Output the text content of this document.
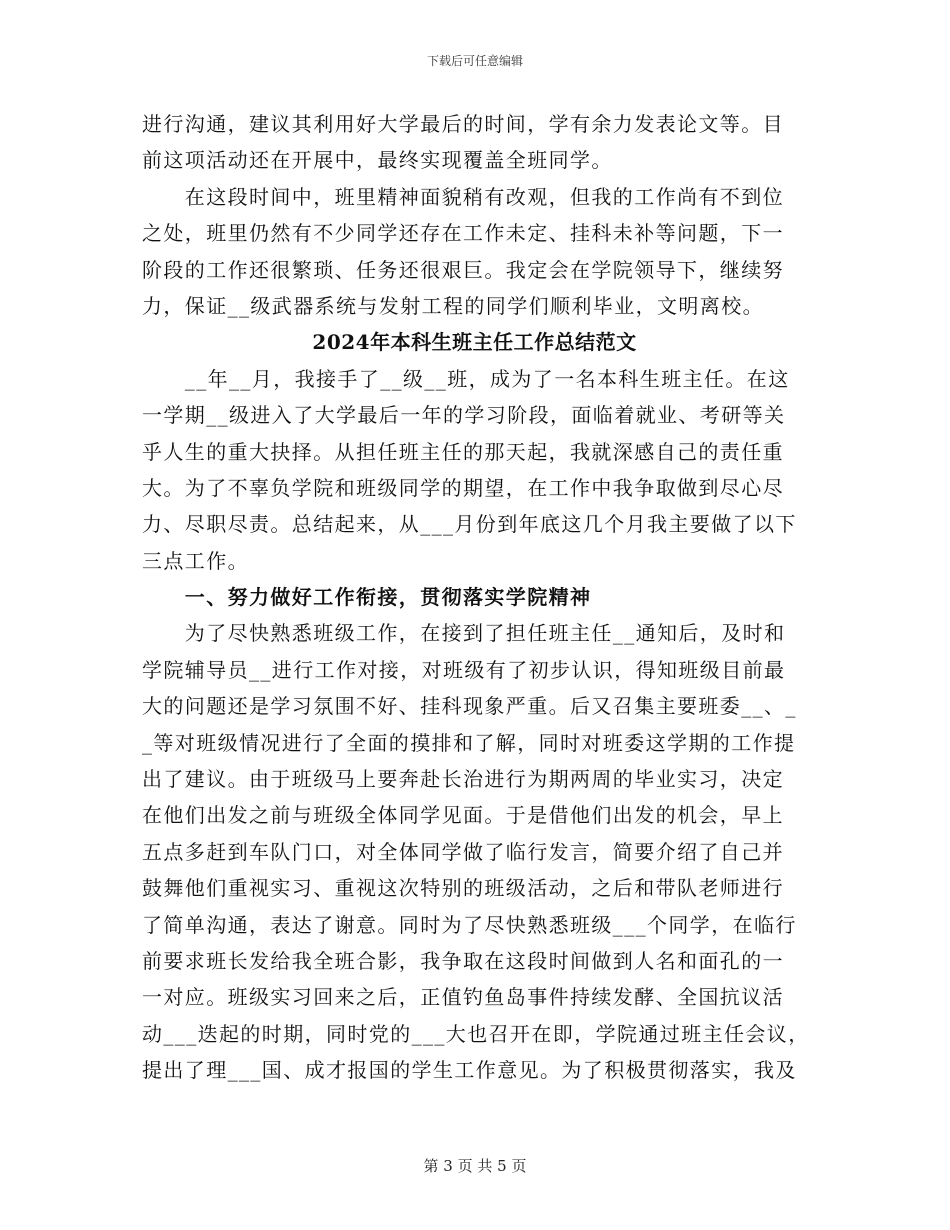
下载后可任意编辑
进行沟通，建议其利用好大学最后的时间，学有余力发表论文等。目
前这项活动还在开展中，最终实现覆盖全班同学。
　　在这段时间中，班里精神面貌稍有改观，但我的工作尚有不到位
之处，班里仍然有不少同学还存在工作未定、挂科未补等问题，下一
阶段的工作还很繁琐、任务还很艰巨。我定会在学院领导下，继续努
力，保证__级武器系统与发射工程的同学们顺利毕业，文明离校。
2024年本科生班主任工作总结范文
　　__年__月，我接手了__级__班，成为了一名本科生班主任。在这
一学期__级进入了大学最后一年的学习阶段，面临着就业、考研等关
乎人生的重大抉择。从担任班主任的那天起，我就深感自己的责任重
大。为了不辜负学院和班级同学的期望，在工作中我争取做到尽心尽
力、尽职尽责。总结起来，从___月份到年底这几个月我主要做了以下
三点工作。
　　一、努力做好工作衔接，贯彻落实学院精神
　　为了尽快熟悉班级工作，在接到了担任班主任__通知后，及时和
学院辅导员__进行工作对接，对班级有了初步认识，得知班级目前最
大的问题还是学习氛围不好、挂科现象严重。后又召集主要班委__、_
_等对班级情况进行了全面的摸排和了解，同时对班委这学期的工作提
出了建议。由于班级马上要奔赴长治进行为期两周的毕业实习，决定
在他们出发之前与班级全体同学见面。于是借他们出发的机会，早上
五点多赶到车队门口，对全体同学做了临行发言，简要介绍了自己并
鼓舞他们重视实习、重视这次特别的班级活动，之后和带队老师进行
了简单沟通，表达了谢意。同时为了尽快熟悉班级___个同学，在临行
前要求班长发给我全班合影，我争取在这段时间做到人名和面孔的一
一对应。班级实习回来之后，正值钓鱼岛事件持续发酵、全国抗议活
动___迭起的时期，同时党的___大也召开在即，学院通过班主任会议，
提出了理___国、成才报国的学生工作意见。为了积极贯彻落实，我及
第 3 页 共 5 页
